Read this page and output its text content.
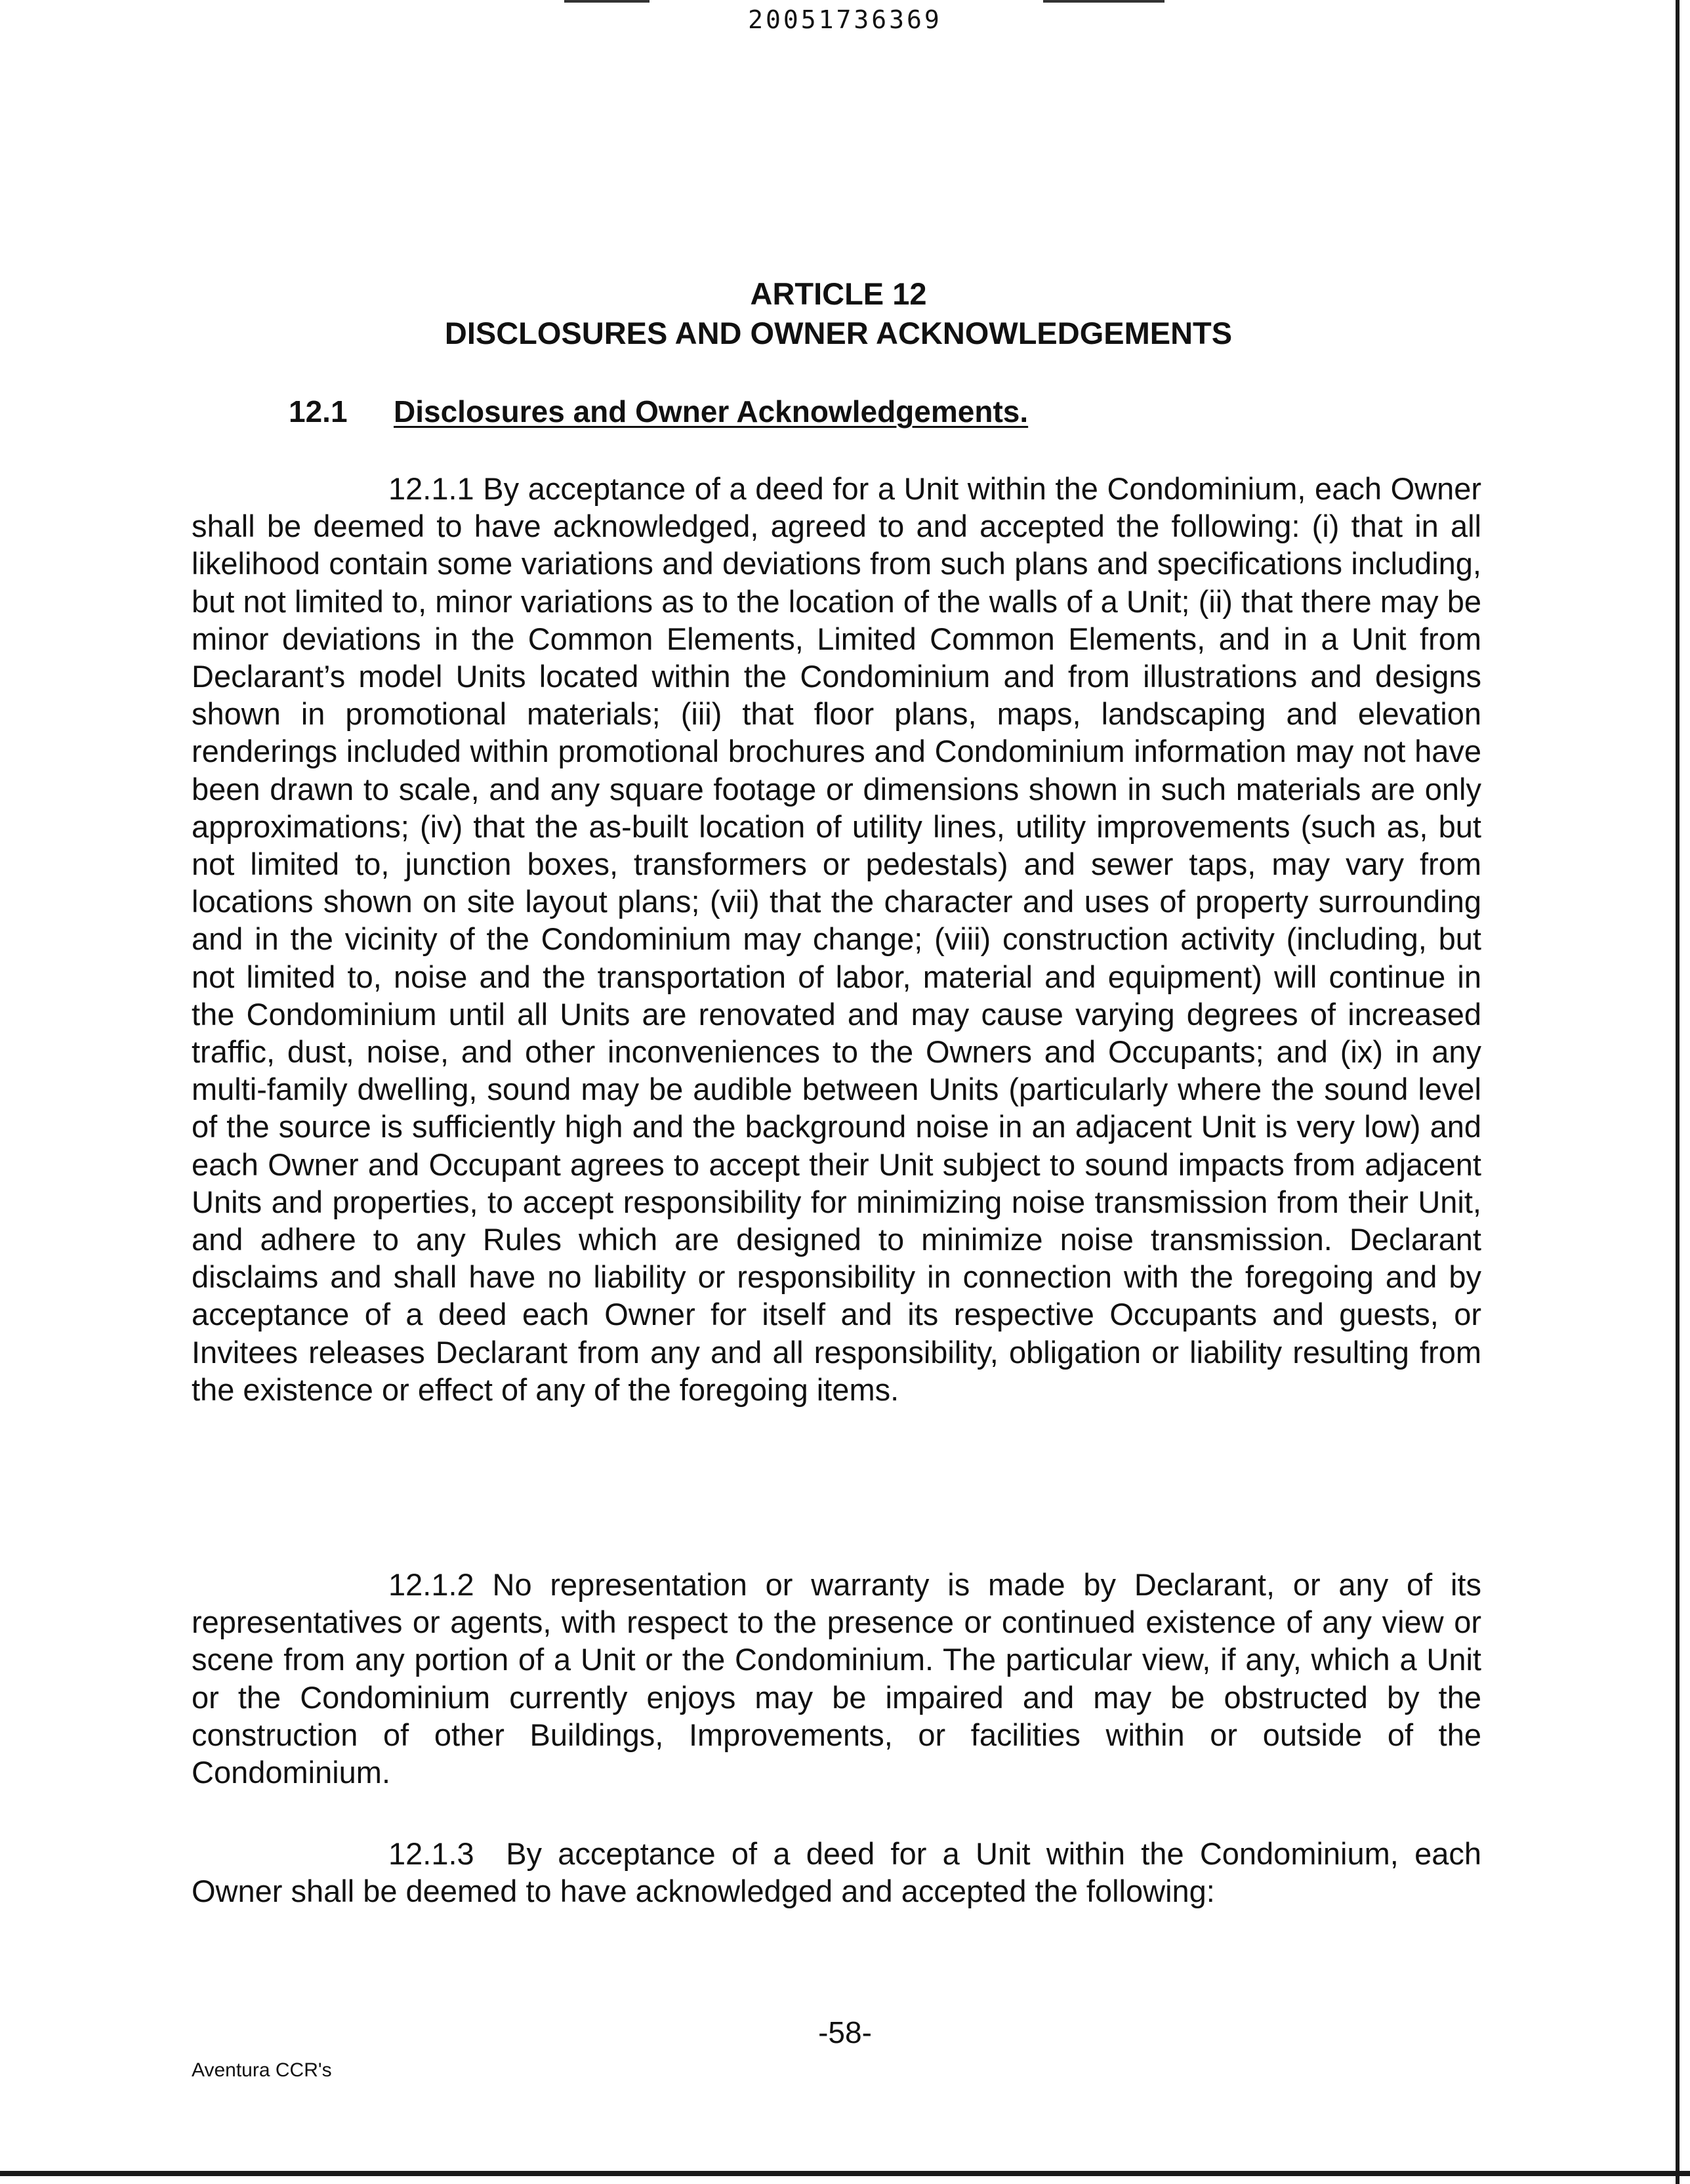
20051736369
ARTICLE 12
DISCLOSURES AND OWNER ACKNOWLEDGEMENTS
12.1 Disclosures and Owner Acknowledgements.

12.1.1 By acceptance of a deed for a Unit within the Condominium, each Owner shall be deemed to have acknowledged, agreed to and accepted the following: (i) that in all likelihood contain some variations and deviations from such plans and specifications including, but not limited to, minor variations as to the location of the walls of a Unit; (ii) that there may be minor deviations in the Common Elements, Limited Common Elements, and in a Unit from Declarant’s model Units located within the Condominium and from illustrations and designs shown in promotional materials; (iii) that floor plans, maps, landscaping and elevation renderings included within promotional brochures and Condominium information may not have been drawn to scale, and any square footage or dimensions shown in such materials are only approximations; (iv) that the as-built location of utility lines, utility improvements (such as, but not limited to, junction boxes, transformers or pedestals) and sewer taps, may vary from locations shown on site layout plans; (vii) that the character and uses of property surrounding and in the vicinity of the Condominium may change; (viii) construction activity (including, but not limited to, noise and the transportation of labor, material and equipment) will continue in the Condominium until all Units are renovated and may cause varying degrees of increased traffic, dust, noise, and other inconveniences to the Owners and Occupants; and (ix) in any multi-family dwelling, sound may be audible between Units (particularly where the sound level of the source is sufficiently high and the background noise in an adjacent Unit is very low) and each Owner and Occupant agrees to accept their Unit subject to sound impacts from adjacent Units and properties, to accept responsibility for minimizing noise transmission from their Unit, and adhere to any Rules which are designed to minimize noise transmission. Declarant disclaims and shall have no liability or responsibility in connection with the foregoing and by acceptance of a deed each Owner for itself and its respective Occupants and guests, or Invitees releases Declarant from any and all responsibility, obligation or liability resulting from the existence or effect of any of the foregoing items.

12.1.2 No representation or warranty is made by Declarant, or any of its representatives or agents, with respect to the presence or continued existence of any view or scene from any portion of a Unit or the Condominium. The particular view, if any, which a Unit or the Condominium currently enjoys may be impaired and may be obstructed by the construction of other Buildings, Improvements, or facilities within or outside of the Condominium.

12.1.3 By acceptance of a deed for a Unit within the Condominium, each Owner shall be deemed to have acknowledged and accepted the following:

-58-
Aventura CCR's
